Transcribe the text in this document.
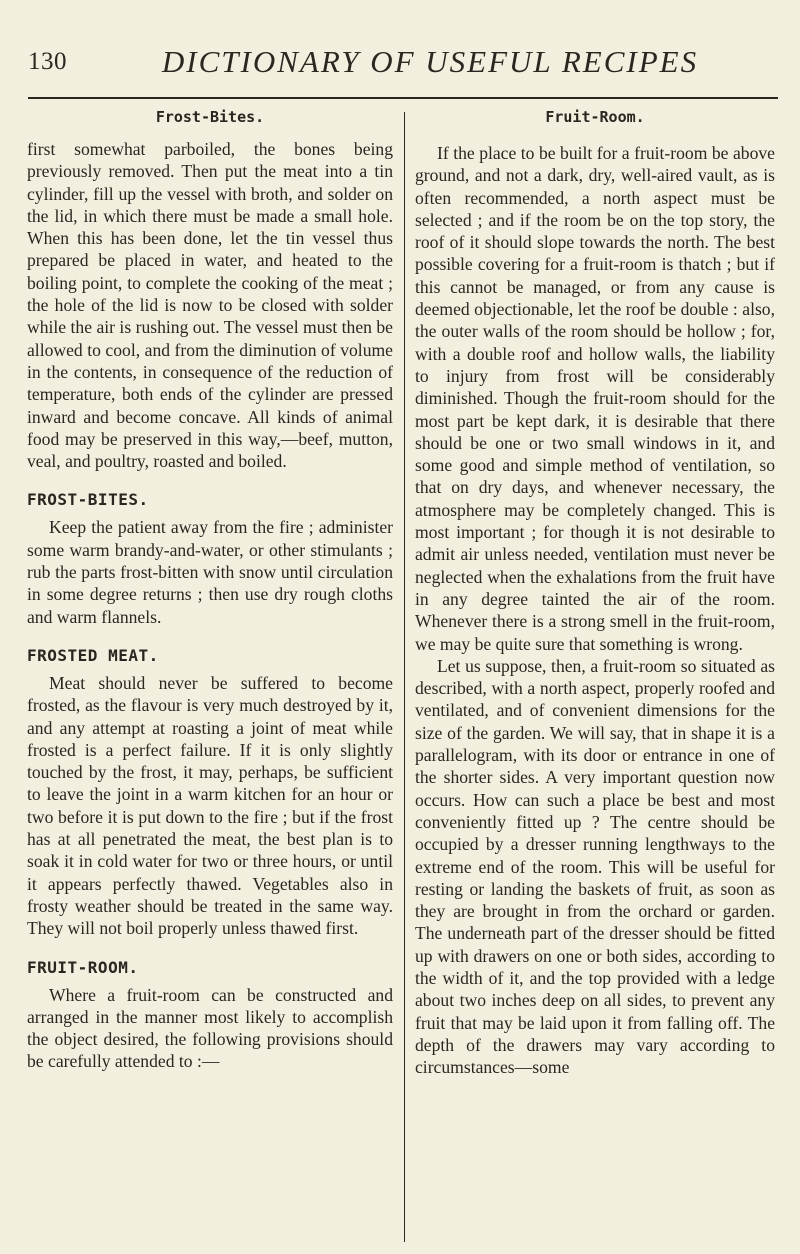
130	DICTIONARY OF USEFUL RECIPES
Frost-Bites.

first somewhat parboiled, the bones being previously removed. Then put the meat into a tin cylinder, fill up the vessel with broth, and solder on the lid, in which there must be made a small hole. When this has been done, let the tin vessel thus prepared be placed in water, and heated to the boiling point, to complete the cooking of the meat ; the hole of the lid is now to be closed with solder while the air is rushing out. The vessel must then be allowed to cool, and from the diminution of volume in the contents, in consequence of the reduction of temperature, both ends of the cylinder are pressed inward and become concave. All kinds of animal food may be preserved in this way,—beef, mutton, veal, and poultry, roasted and boiled.

FROST-BITES.

Keep the patient away from the fire ; administer some warm brandy-and-water, or other stimulants ; rub the parts frost-bitten with snow until circulation in some degree returns ; then use dry rough cloths and warm flannels.

FROSTED MEAT.

Meat should never be suffered to become frosted, as the flavour is very much destroyed by it, and any attempt at roasting a joint of meat while frosted is a perfect failure. If it is only slightly touched by the frost, it may, perhaps, be sufficient to leave the joint in a warm kitchen for an hour or two before it is put down to the fire ; but if the frost has at all penetrated the meat, the best plan is to soak it in cold water for two or three hours, or until it appears perfectly thawed. Vegetables also in frosty weather should be treated in the same way. They will not boil properly unless thawed first.

FRUIT-ROOM.

Where a fruit-room can be constructed and arranged in the manner most likely to accomplish the object desired, the following provisions should be carefully attended to :—

Fruit-Room.

If the place to be built for a fruit-room be above ground, and not a dark, dry, well-aired vault, as is often recommended, a north aspect must be selected ; and if the room be on the top story, the roof of it should slope towards the north. The best possible covering for a fruit-room is thatch ; but if this cannot be managed, or from any cause is deemed objectionable, let the roof be double : also, the outer walls of the room should be hollow ; for, with a double roof and hollow walls, the liability to injury from frost will be considerably diminished. Though the fruit-room should for the most part be kept dark, it is desirable that there should be one or two small windows in it, and some good and simple method of ventilation, so that on dry days, and whenever necessary, the atmosphere may be completely changed. This is most important ; for though it is not desirable to admit air unless needed, ventilation must never be neglected when the exhalations from the fruit have in any degree tainted the air of the room. Whenever there is a strong smell in the fruit-room, we may be quite sure that something is wrong.

Let us suppose, then, a fruit-room so situated as described, with a north aspect, properly roofed and ventilated, and of convenient dimensions for the size of the garden. We will say, that in shape it is a parallelogram, with its door or entrance in one of the shorter sides. A very important question now occurs. How can such a place be best and most conveniently fitted up ? The centre should be occupied by a dresser running lengthways to the extreme end of the room. This will be useful for resting or landing the baskets of fruit, as soon as they are brought in from the orchard or garden. The underneath part of the dresser should be fitted up with drawers on one or both sides, according to the width of it, and the top provided with a ledge about two inches deep on all sides, to prevent any fruit that may be laid upon it from falling off. The depth of the drawers may vary according to circumstances—some
